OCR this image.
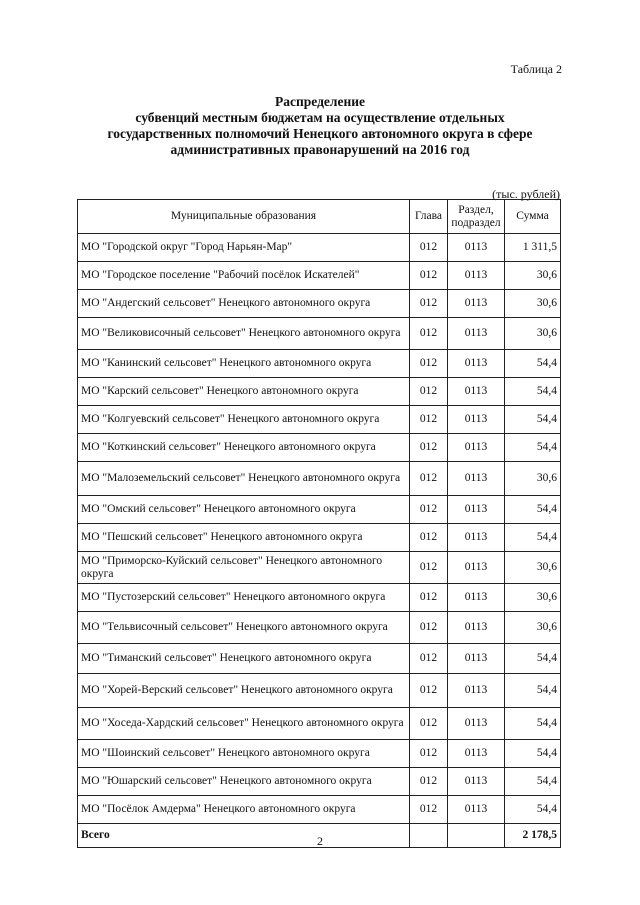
Таблица 2
Распределение
субвенций местным бюджетам на осуществление отдельных
государственных полномочий Ненецкого автономного округа в сфере
административных правонарушений на 2016 год
(тыс. рублей)
Муниципальные образования	Глава	Раздел, подраздел	Сумма
МО "Городской округ "Город Нарьян-Мар"	012	0113	1 311,5
МО "Городское поселение "Рабочий посёлок Искателей"	012	0113	30,6
МО "Андегский сельсовет" Ненецкого автономного округа	012	0113	30,6
МО "Великовисочный сельсовет" Ненецкого автономного округа	012	0113	30,6
МО "Канинский сельсовет" Ненецкого автономного округа	012	0113	54,4
МО "Карский сельсовет" Ненецкого автономного округа	012	0113	54,4
МО "Колгуевский сельсовет" Ненецкого автономного округа	012	0113	54,4
МО "Коткинский сельсовет" Ненецкого автономного округа	012	0113	54,4
МО "Малоземельский сельсовет" Ненецкого автономного округа	012	0113	30,6
МО "Омский сельсовет" Ненецкого автономного округа	012	0113	54,4
МО "Пешский сельсовет" Ненецкого автономного округа	012	0113	54,4
МО "Приморско-Куйский сельсовет" Ненецкого автономного округа	012	0113	30,6
МО "Пустозерский сельсовет" Ненецкого автономного округа	012	0113	30,6
МО "Тельвисочный сельсовет" Ненецкого автономного округа	012	0113	30,6
МО "Тиманский сельсовет" Ненецкого автономного округа	012	0113	54,4
МО "Хорей-Верский сельсовет" Ненецкого автономного округа	012	0113	54,4
МО "Хоседа-Хардский сельсовет" Ненецкого автономного округа	012	0113	54,4
МО "Шоинский сельсовет" Ненецкого автономного округа	012	0113	54,4
МО "Юшарский сельсовет" Ненецкого автономного округа	012	0113	54,4
МО "Посёлок Амдерма" Ненецкого автономного округа	012	0113	54,4
Всего			2 178,5
2
